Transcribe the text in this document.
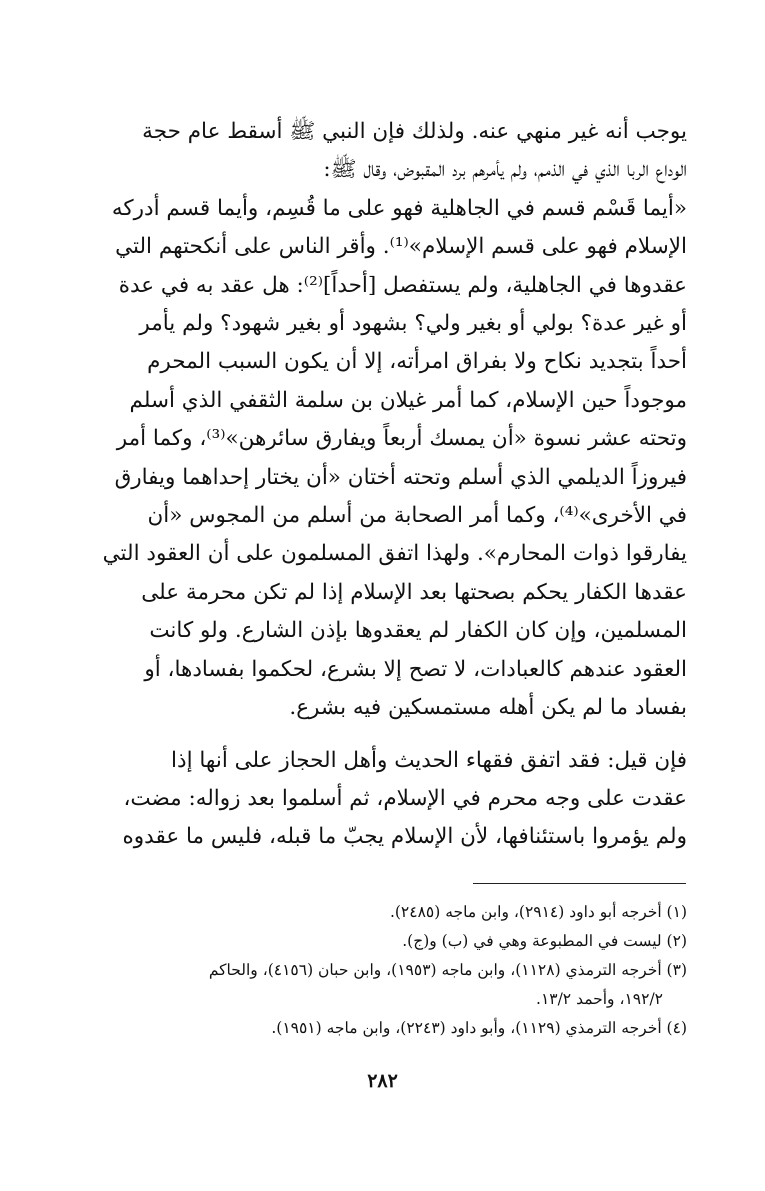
يوجب أنه غير منهي عنه. ولذلك فإن النبي ﷺ أسقط عام حجة
الوداع الربا الذي في الذمم، ولم يأمرهم برد المقبوض، وقال ﷺ:
«أيما قَسْم قسم في الجاهلية فهو على ما قُسِم، وأيما قسم أدركه
الإسلام فهو على قسم الإسلام»⁽¹⁾. وأقر الناس على أنكحتهم التي
عقدوها في الجاهلية، ولم يستفصل [أحداً]⁽²⁾: هل عقد به في عدة
أو غير عدة؟ بولي أو بغير ولي؟ بشهود أو بغير شهود؟ ولم يأمر
أحداً بتجديد نكاح ولا بفراق امرأته، إلا أن يكون السبب المحرم
موجوداً حين الإسلام، كما أمر غيلان بن سلمة الثقفي الذي أسلم
وتحته عشر نسوة «أن يمسك أربعاً ويفارق سائرهن»⁽³⁾، وكما أمر
فيروزاً الديلمي الذي أسلم وتحته أختان «أن يختار إحداهما ويفارق
في الأخرى»⁽⁴⁾، وكما أمر الصحابة من أسلم من المجوس «أن
يفارقوا ذوات المحارم». ولهذا اتفق المسلمون على أن العقود التي
عقدها الكفار يحكم بصحتها بعد الإسلام إذا لم تكن محرمة على
المسلمين، وإن كان الكفار لم يعقدوها بإذن الشارع. ولو كانت
العقود عندهم كالعبادات، لا تصح إلا بشرع، لحكموا بفسادها، أو
بفساد ما لم يكن أهله مستمسكين فيه بشرع.

فإن قيل: فقد اتفق فقهاء الحديث وأهل الحجاز على أنها إذا
عقدت على وجه محرم في الإسلام، ثم أسلموا بعد زواله: مضت،
ولم يؤمروا باستئنافها، لأن الإسلام يجبّ ما قبله، فليس ما عقدوه

(١) أخرجه أبو داود (٢٩١٤)، وابن ماجه (٢٤٨٥).
(٢) ليست في المطبوعة وهي في (ب) و(ج).
(٣) أخرجه الترمذي (١١٢٨)، وابن ماجه (١٩٥٣)، وابن حبان (٤١٥٦)، والحاكم
١٩٢/٢، وأحمد ١٣/٢.
(٤) أخرجه الترمذي (١١٢٩)، وأبو داود (٢٢٤٣)، وابن ماجه (١٩٥١).
٢٨٢
